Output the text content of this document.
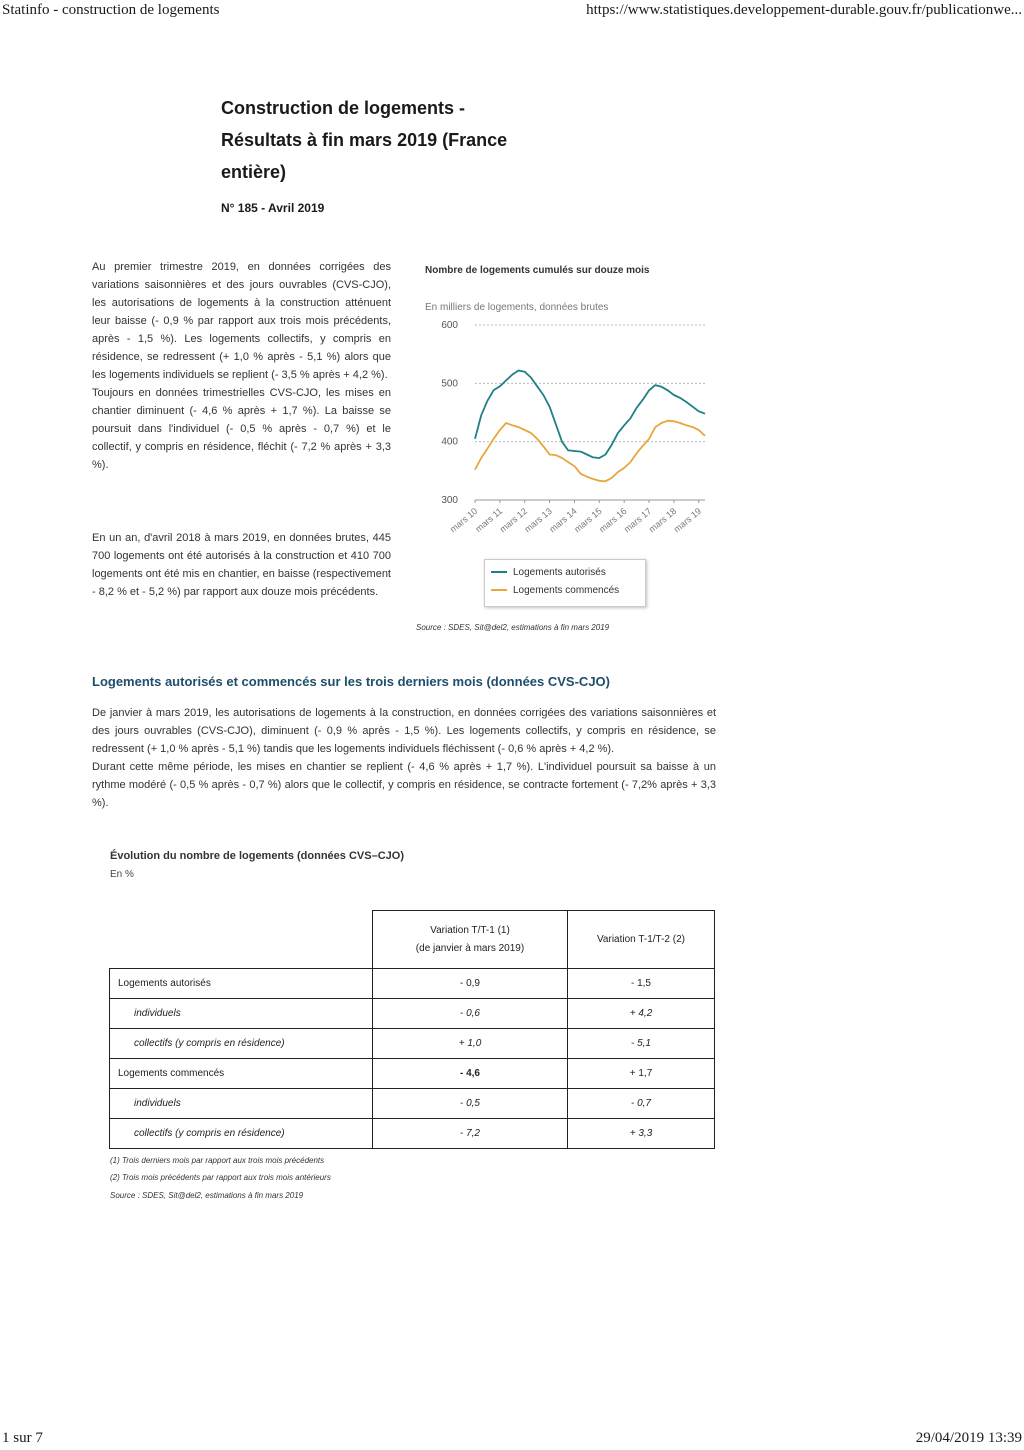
Statinfo - construction de logements	https://www.statistiques.developpement-durable.gouv.fr/publicationwe...
1 sur 7	29/04/2019 13:39
Construction de logements - Résultats à fin mars 2019 (France entière)
N° 185 - Avril 2019

Au premier trimestre 2019, en données corrigées des variations saisonnières et des jours ouvrables (CVS-CJO), les autorisations de logements à la construction atténuent leur baisse (- 0,9 % par rapport aux trois mois précédents, après - 1,5 %). Les logements collectifs, y compris en résidence, se redressent (+ 1,0 % après - 5,1 %) alors que les logements individuels se replient (- 3,5 % après + 4,2 %).

Toujours en données trimestrielles CVS-CJO, les mises en chantier diminuent (- 4,6 % après + 1,7 %). La baisse se poursuit dans l'individuel (- 0,5 % après - 0,7 %) et le collectif, y compris en résidence, fléchit (- 7,2 % après + 3,3 %).

En un an, d'avril 2018 à mars 2019, en données brutes, 445 700 logements ont été autorisés à la construction et 410 700 logements ont été mis en chantier, en baisse (respectivement - 8,2 % et - 5,2 %) par rapport aux douze mois précédents.

Nombre de logements cumulés sur douze mois
En milliers de logements, données brutes
300
400
500
600
mars 10
mars 11
mars 12
mars 13
mars 14
mars 15
mars 16
mars 17
mars 18
mars 19
Logements autorisés
Logements commencés
Source : SDES, Sit@del2, estimations à fin mars 2019
Logements autorisés et commencés sur les trois derniers mois (données CVS-CJO)

De janvier à mars 2019, les autorisations de logements à la construction, en données corrigées des variations saisonnières et des jours ouvrables (CVS-CJO), diminuent (- 0,9 % après - 1,5 %). Les logements collectifs, y compris en résidence, se redressent (+ 1,0 % après - 5,1 %) tandis que les logements individuels fléchissent (- 0,6 % après + 4,2 %).

Durant cette même période, les mises en chantier se replient (- 4,6 % après + 1,7 %). L'individuel poursuit sa baisse à un rythme modéré (- 0,5 % après - 0,7 %) alors que le collectif, y compris en résidence, se contracte fortement (- 7,2% après + 3,3 %).

Évolution du nombre de logements (données CVS–CJO)
En %

	Variation T/T-1 (1)
(de janvier à mars 2019)	Variation T-1/T-2 (2)
Logements autorisés	- 0,9	- 1,5
individuels	- 0,6	+ 4,2
collectifs (y compris en résidence)	+ 1,0	- 5,1
Logements commencés	- 4,6	+ 1,7
individuels	- 0,5	- 0,7
collectifs (y compris en résidence)	- 7,2	+ 3,3
(1) Trois derniers mois par rapport aux trois mois précédents
(2) Trois mois précédents par rapport aux trois mois antérieurs
Source : SDES, Sit@del2, estimations à fin mars 2019
